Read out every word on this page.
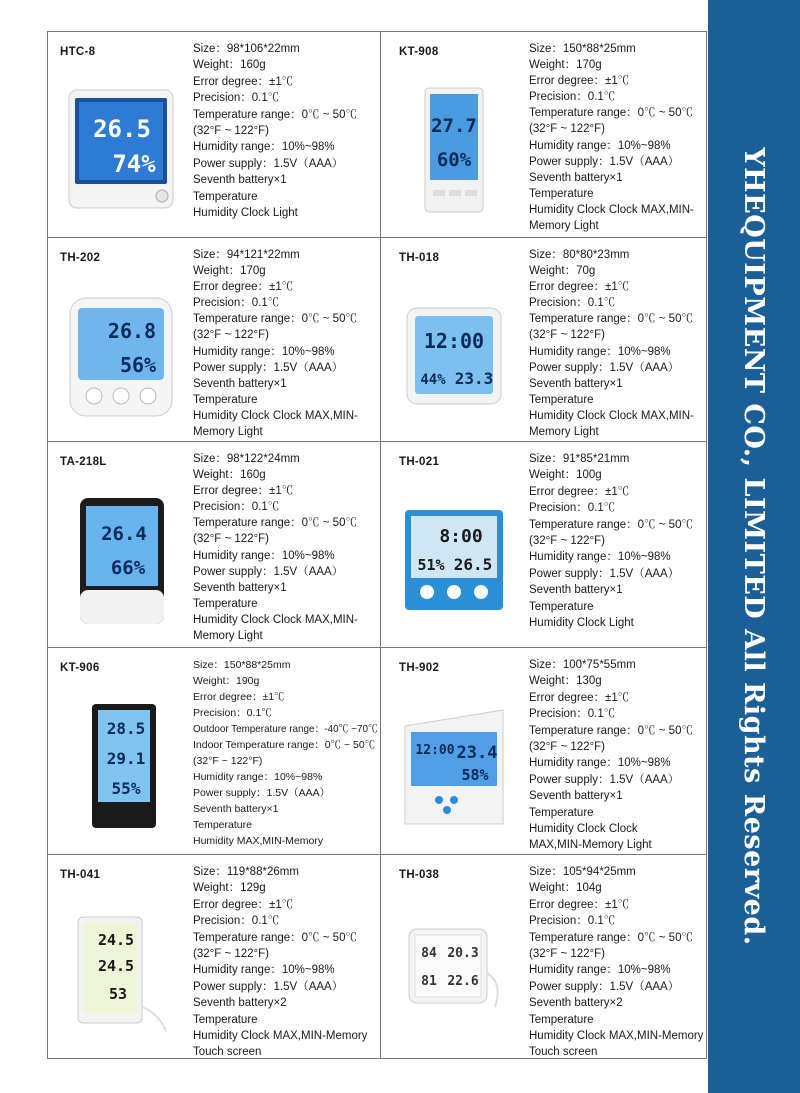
YHEQUIPMENT CO., LIMITED All Rights Reserved.
HTC-8
26.5
74%
Size：98*106*22mm
Weight：160g
Error degree：±1℃
Precision：0.1℃
Temperature range：0℃ ~ 50℃
(32°F ~ 122°F)
Humidity range：10%~98%
Power supply：1.5V（AAA）
Seventh battery×1
Temperature
Humidity Clock Light
KT-908
27.7
60%
Size：150*88*25mm
Weight：170g
Error degree：±1℃
Precision：0.1℃
Temperature range：0℃ ~ 50℃
(32°F ~ 122°F)
Humidity range：10%~98%
Power supply：1.5V（AAA）
Seventh battery×1
Temperature
Humidity Clock Clock MAX,MIN-
Memory Light
TH-202
26.8
56%
Size：94*121*22mm
Weight：170g
Error degree：±1℃
Precision：0.1℃
Temperature range：0℃ ~ 50℃
(32°F ~ 122°F)
Humidity range：10%~98%
Power supply：1.5V（AAA）
Seventh battery×1
Temperature
Humidity Clock Clock MAX,MIN-
Memory Light
TH-018
12:00
44% 23.3
Size：80*80*23mm
Weight：70g
Error degree：±1℃
Precision：0.1℃
Temperature range：0℃ ~ 50℃
(32°F ~ 122°F)
Humidity range：10%~98%
Power supply：1.5V（AAA）
Seventh battery×1
Temperature
Humidity Clock Clock MAX,MIN-
Memory Light
TA-218L
26.4
66%
Size：98*122*24mm
Weight：160g
Error degree：±1℃
Precision：0.1℃
Temperature range：0℃ ~ 50℃
(32°F ~ 122°F)
Humidity range：10%~98%
Power supply：1.5V（AAA）
Seventh battery×1
Temperature
Humidity Clock Clock MAX,MIN-
Memory Light
TH-021
8:00
51% 26.5
Size：91*85*21mm
Weight：100g
Error degree：±1℃
Precision：0.1℃
Temperature range：0℃ ~ 50℃
(32°F ~ 122°F)
Humidity range：10%~98%
Power supply：1.5V（AAA）
Seventh battery×1
Temperature
Humidity Clock Light
KT-906
28.5
29.1
55%
Size：150*88*25mm
Weight：190g
Error degree：±1℃
Precision：0.1℃
Outdoor Temperature range：-40℃ ~70℃
Indoor Temperature range：0℃ ~ 50℃
(32°F ~ 122°F)
Humidity range：10%~98%
Power supply：1.5V（AAA）
Seventh battery×1
Temperature
Humidity MAX,MIN-Memory
TH-902
12:00 23.4
58%
Size：100*75*55mm
Weight：130g
Error degree：±1℃
Precision：0.1℃
Temperature range：0℃ ~ 50℃
(32°F ~ 122°F)
Humidity range：10%~98%
Power supply：1.5V（AAA）
Seventh battery×1
Temperature
Humidity Clock Clock
MAX,MIN-Memory Light
TH-041
24.5
24.5
53
Size：119*88*26mm
Weight：129g
Error degree：±1℃
Precision：0.1℃
Temperature range：0℃ ~ 50℃
(32°F ~ 122°F)
Humidity range：10%~98%
Power supply：1.5V（AAA）
Seventh battery×2
Temperature
Humidity Clock MAX,MIN-Memory
Touch screen
TH-038
84 20.3
81 22.6
Size：105*94*25mm
Weight：104g
Error degree：±1℃
Precision：0.1℃
Temperature range：0℃ ~ 50℃
(32°F ~ 122°F)
Humidity range：10%~98%
Power supply：1.5V（AAA）
Seventh battery×2
Temperature
Humidity Clock MAX,MIN-Memory
Touch screen
